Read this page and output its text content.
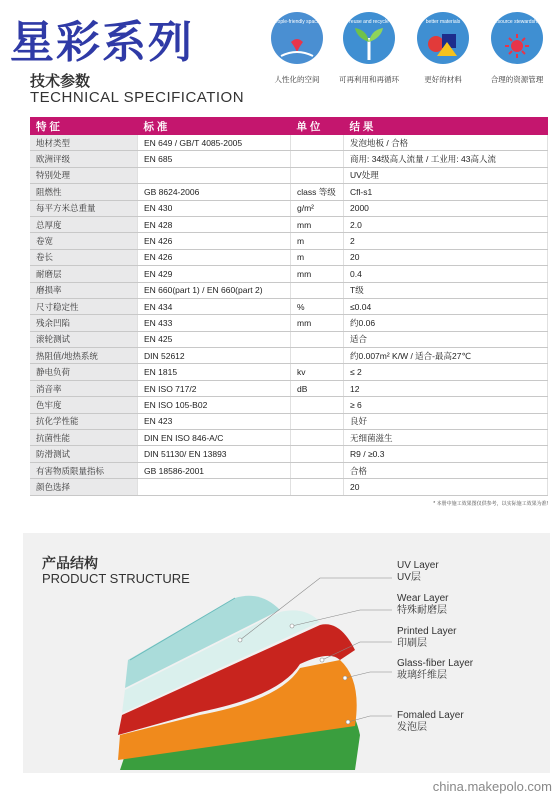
星彩系列
技术参数
TECHNICAL SPECIFICATION
people-friendly spaces
人性化的空间
reuse and recycle
可再利用和再循环
better materials
更好的材料
resource stewardship
合理的资源管理
特 征	标 准	单 位	结 果
地材类型	EN 649 / GB/T 4085-2005		发泡地板 / 合格
欧洲评级	EN 685		商用: 34级高人流量 / 工业用: 43高人流
特别处理			UV处理
阻燃性	GB 8624-2006	class 等级	Cfl-s1
每平方米总重量	EN 430	g/m²	2000
总厚度	EN 428	mm	2.0
卷宽	EN 426	m	2
卷长	EN 426	m	20
耐磨层	EN 429	mm	0.4
磨损率	EN 660(part 1) / EN 660(part 2)		T级
尺寸稳定性	EN 434	%	≤0.04
残余凹陷	EN 433	mm	约0.06
滚轮测试	EN 425		适合
热阻值/地热系统	DIN 52612		约0.007m² K/W / 适合-最高27℃
静电负荷	EN 1815	kv	≤ 2
消音率	EN ISO 717/2	dB	12
色牢度	EN ISO 105-B02		≥ 6
抗化学性能	EN 423		良好
抗菌性能	DIN EN ISO 846-A/C		无细菌滋生
防滑测试	DIN 51130/ EN 13893		R9 / ≥0.3
有害物质限量指标	GB 18586-2001		合格
颜色选择			20
* 本册中施工效果图仅供参考，以实际施工效果为准!
产品结构
PRODUCT STRUCTURE
UV Layer
UV层
Wear Layer
特殊耐磨层
Printed Layer
印刷层
Glass-fiber Layer
玻璃纤维层
Fomaled Layer
发泡层
china.makepolo.com
